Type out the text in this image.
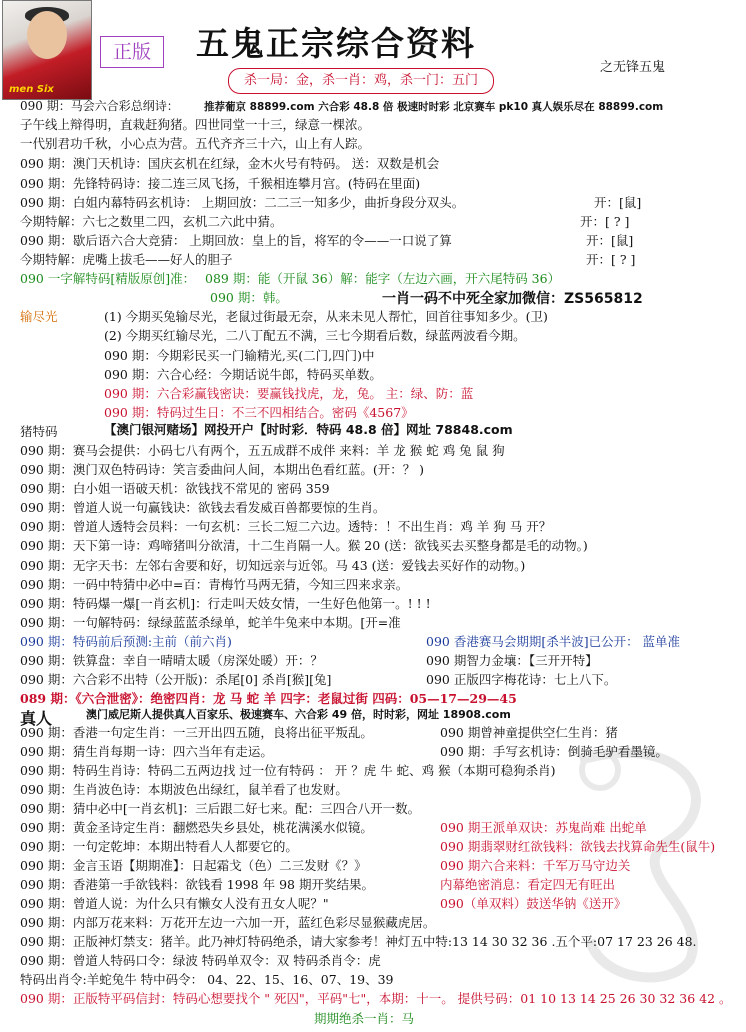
men Six
正版	五鬼正宗综合资料
杀一局：金，杀一肖：鸡，杀一门：五门
之无锋五鬼
090 期：马会六合彩总纲诗： 推荐葡京 88899.com 六合彩 48.8 倍 极速时时彩 北京赛车 pk10 真人娱乐尽在 88899.com
子午线上辩得明，直栽赶狗猪。四世同堂一十三，绿意一棵浓。
一代别君功千秋，小心点为营。五代齐齐三十六，山上有人踪。
090 期：澳门天机诗：国庆玄机在红绿，金木火号有特码。 送：双数是机会
090 期：先锋特码诗：接二连三凤飞扬，千猴相连攀月宫。(特码在里面)
090 期：白姐内幕特码玄机诗： 上期回放：二二三一知多少，曲折身段分双头。	开：[鼠]
今期特解：六七之数里二四，玄机二六此中猜。	开：[ ? ]
090 期：歇后语六合大竞猜： 上期回放：皇上的旨，将军的令——一口说了算	开：[鼠]
今期特解：虎嘴上拔毛——好人的胆子	开：[ ? ]
090 一字解特码[精版原创]准： 089 期：能（开鼠 36）解：能字（左边六画，开六尾特码 36）
090 期：韩。	一肖一码不中死全家加微信：ZS565812
输尽光	(1) 今期买兔输尽光，老鼠过街最无奈，从来未见人帮忙，回首往事知多少。(卫)
(2) 今期买红输尽光，二八丁配五不满，三七今期看后数，绿蓝两波看今期。
090 期：今期彩民买一门输精光,买(二门,四门)中
090 期：六合心经：今期话说牛郎，特码买单数。
090 期：六合彩赢钱密诀：要赢钱找虎，龙，兔。 主：绿、防：蓝
090 期：特码过生日：不三不四相结合。密码《4567》
猪特码	【澳门银河赌场】网投开户【时时彩．特码 48.8 倍】网址 78848.com
090 期：赛马会提供：小码七八有两个，五五成群不成伴 来料：羊 龙 猴 蛇 鸡 兔 鼠 狗
090 期：澳门双色特码诗：笑言委曲问人间，本期出色看红蓝。(开：？ )
090 期：白小姐一语破天机：欲钱找不常见的 密码 359
090 期：曾道人说一句赢钱诀：欲钱去看发威百兽都要惊的生肖。
090 期：曾道人透特会员料：一句玄机：三长二短二六边。透特：！不出生肖：鸡 羊 狗 马 开？
090 期：天下第一诗：鸡啼猪叫分欲清，十二生肖隔一人。猴 20 (送：欲钱买去买整身都是毛的动物。)
090 期：无字天书：左邻右舍要和好，切知远亲与近邻。马 43 (送：爱钱去买好作的动物。)
090 期：一码中特猜中必中=百：青梅竹马两无猜，今知三四来求亲。
090 期：特码爆一爆[一肖玄机]：行走叫天妓女情，一生好色他第一。! ! !
090 期：一句解特码：绿绿蓝蓝杀绿单，蛇羊牛兔来中本期。[开=准
090 期：特码前后预测:主前（前六肖)	090 香港赛马会期期[杀半波]已公开： 蓝单准
090 期：铁算盘：幸自一晴晴太暖（房深处暖）开：？	090 期智力金壤：【三开开特】
090 期：六合彩不出特（公开版)：杀尾[0] 杀肖[猴][兔]	090 正版四字梅花诗：七上八下。
089 期：《六合泄密》：绝密四肖：龙 马 蛇 羊 四字：老鼠过街 四码：05—17—29—45
真人	澳门威尼斯人提供真人百家乐、极速赛车、六合彩 49 倍，时时彩，网址 18908.com
090 期：香港一句定生肖：一三开出四五随，良将出征平叛乱。	090 期曾神童提供空仁生肖：猪
090 期：猜生肖每期一诗：四六当年有走运。	090 期：手写玄机诗：倒骑毛驴看墨镜。
090 期：特码生肖诗：特码二五两边找 过一位有特码 ： 开 ？虎 牛 蛇、鸡 猴（本期可稳狗杀肖)
090 期：生肖波色诗：本期波色出绿红，鼠羊看了也发财。
090 期：猜中必中[一肖玄机]：三后跟二好七来。配：三四合八开一数。
090 期：黄金圣诗定生肖：翻燃恐失乡县处，桃花满溪水似镜。	090 期王派单双诀：苏鬼尚难 出蛇单
090 期：一句定乾坤：本期出特看人人都要它的。	090 期翡翠财红欲钱料：欲钱去找算命先生(鼠牛)
090 期：金言玉语【期期准】：日起霜戈（色）二三发财《？》	090 期六合来料：千军万马守边关
090 期：香港第一手欲钱料：欲钱看 1998 年 98 期开奖结果。	内幕绝密消息：看定四无有旺出
090 期：曾道人说：为什么只有懒女人没有丑女人呢？"	090（单双料）鼓送华钠《送开》
090 期：内部万花来料：万花开左边一六加一开，蓝红色彩尽显猴藏虎居。
090 期：正版神灯禁支：猪羊。此乃神灯特码绝杀，请大家参考！神灯五中特:13 14 30 32 36 .五个平:07 17 23 26 48.
090 期：曾道人特码口令：绿波 特码单双令：双 特码杀肖令：虎
特码出肖令:羊蛇兔牛 特中码令： 04、22、15、16、07、19、39
090 期：正版特平码信封：特码心想要找个 " 死囚"，平码"七"，本期：十一。 提供号码：01 10 13 14 25 26 30 32 36 42 。
期期绝杀一肖：马
